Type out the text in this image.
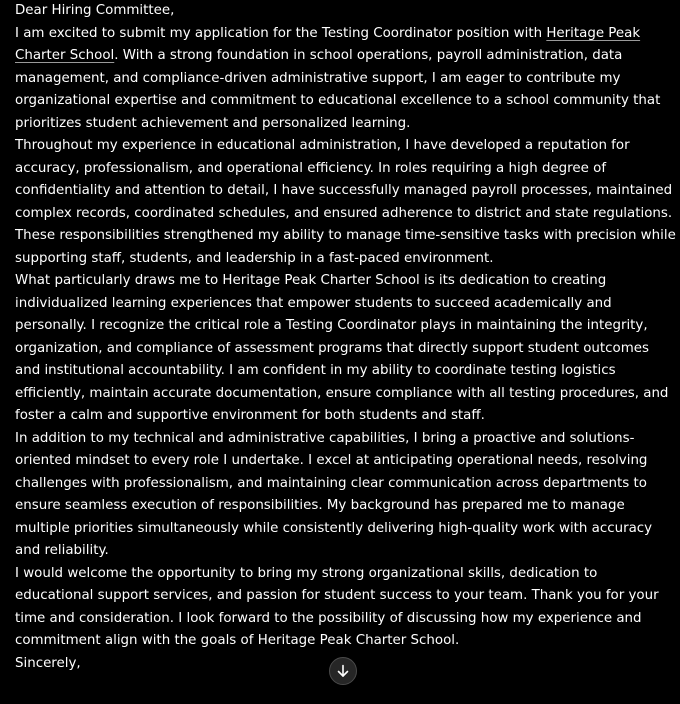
Dear Hiring Committee,

I am excited to submit my application for the Testing Coordinator position with Heritage Peak Charter School. With a strong foundation in school operations, payroll administration, data management, and compliance-driven administrative support, I am eager to contribute my organizational expertise and commitment to educational excellence to a school community that prioritizes student achievement and personalized learning.

Throughout my experience in educational administration, I have developed a reputation for accuracy, professionalism, and operational efficiency. In roles requiring a high degree of confidentiality and attention to detail, I have successfully managed payroll processes, maintained complex records, coordinated schedules, and ensured adherence to district and state regulations. These responsibilities strengthened my ability to manage time-sensitive tasks with precision while supporting staff, students, and leadership in a fast-paced environment.

What particularly draws me to Heritage Peak Charter School is its dedication to creating individualized learning experiences that empower students to succeed academically and personally. I recognize the critical role a Testing Coordinator plays in maintaining the integrity, organization, and compliance of assessment programs that directly support student outcomes and institutional accountability. I am confident in my ability to coordinate testing logistics efficiently, maintain accurate documentation, ensure compliance with all testing procedures, and foster a calm and supportive environment for both students and staff.

In addition to my technical and administrative capabilities, I bring a proactive and solutions-oriented mindset to every role I undertake. I excel at anticipating operational needs, resolving challenges with professionalism, and maintaining clear communication across departments to ensure seamless execution of responsibilities. My background has prepared me to manage multiple priorities simultaneously while consistently delivering high-quality work with accuracy and reliability.

I would welcome the opportunity to bring my strong organizational skills, dedication to educational support services, and passion for student success to your team. Thank you for your time and consideration. I look forward to the possibility of discussing how my experience and commitment align with the goals of Heritage Peak Charter School.

Sincerely,
